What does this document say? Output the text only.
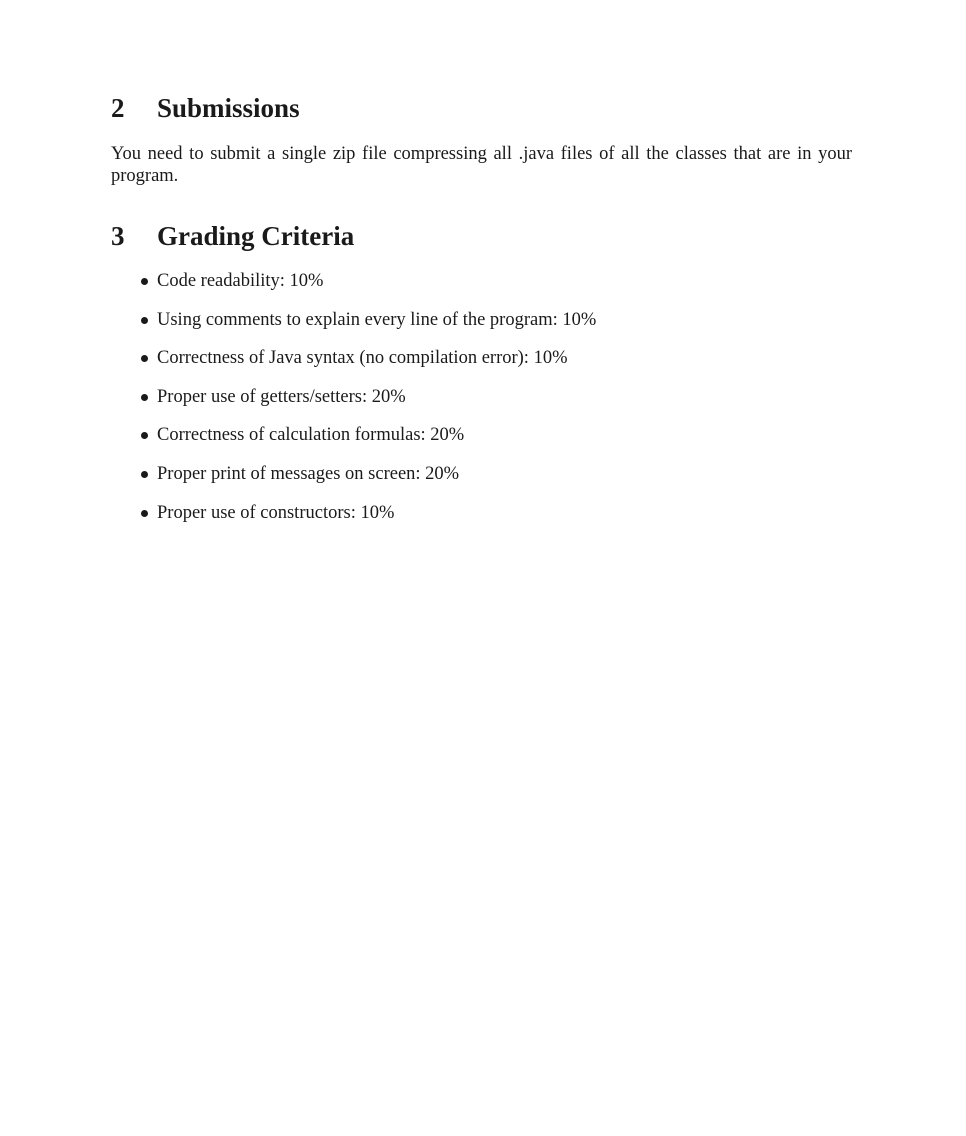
2 Submissions

You need to submit a single zip file compressing all .java files of all the classes that are in your program.

3 Grading Criteria
Code readability: 10%
Using comments to explain every line of the program: 10%
Correctness of Java syntax (no compilation error): 10%
Proper use of getters/setters: 20%
Correctness of calculation formulas: 20%
Proper print of messages on screen: 20%
Proper use of constructors: 10%
